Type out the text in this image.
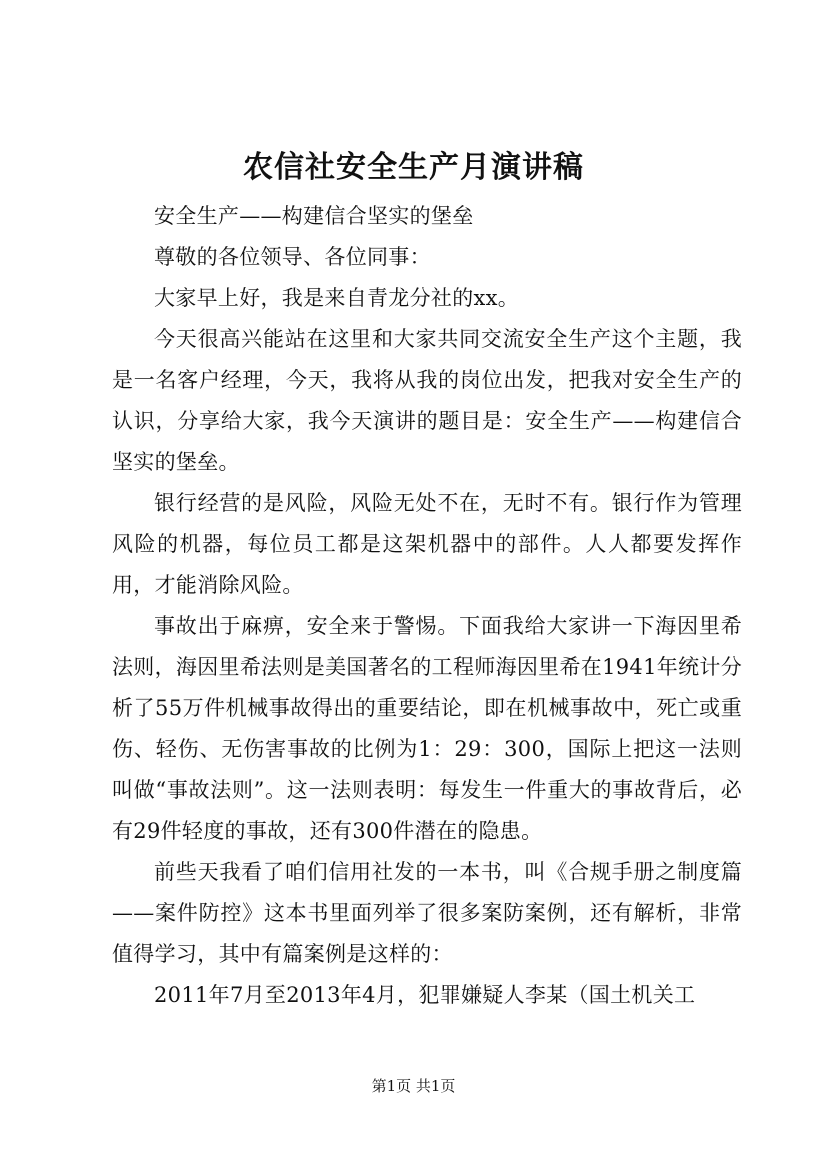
农信社安全生产月演讲稿

安全生产——构建信合坚实的堡垒

尊敬的各位领导、各位同事：

大家早上好，我是来自青龙分社的xx。

今天很高兴能站在这里和大家共同交流安全生产这个主题，我是一名客户经理，今天，我将从我的岗位出发，把我对安全生产的认识，分享给大家，我今天演讲的题目是：安全生产——构建信合坚实的堡垒。

银行经营的是风险，风险无处不在，无时不有。银行作为管理风险的机器，每位员工都是这架机器中的部件。人人都要发挥作用，才能消除风险。

事故出于麻痹，安全来于警惕。下面我给大家讲一下海因里希法则，海因里希法则是美国著名的工程师海因里希在1941年统计分析了55万件机械事故得出的重要结论，即在机械事故中，死亡或重伤、轻伤、无伤害事故的比例为1：29：300，国际上把这一法则叫做“事故法则”。这一法则表明：每发生一件重大的事故背后，必有29件轻度的事故，还有300件潜在的隐患。

前些天我看了咱们信用社发的一本书，叫《合规手册之制度篇——案件防控》这本书里面列举了很多案防案例，还有解析，非常值得学习，其中有篇案例是这样的：

2011年7月至2013年4月，犯罪嫌疑人李某（国土机关工

第1页 共1页
